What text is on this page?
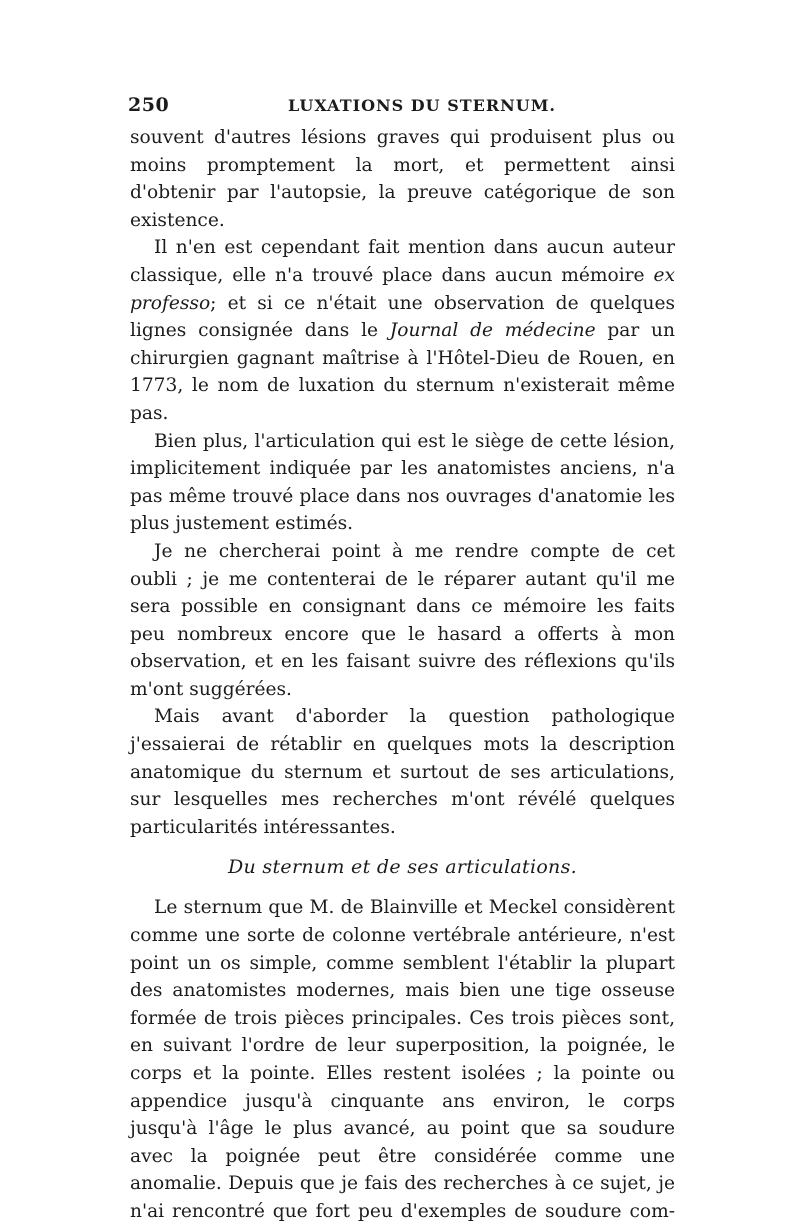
250	LUXATIONS DU STERNUM.

souvent d'autres lésions graves qui produisent plus ou moins promptement la mort, et permettent ainsi d'obtenir par l'autopsie, la preuve catégorique de son existence.

Il n'en est cependant fait mention dans aucun auteur classique, elle n'a trouvé place dans aucun mémoire ex professo; et si ce n'était une observation de quelques lignes consignée dans le Journal de médecine par un chirurgien gagnant maîtrise à l'Hôtel-Dieu de Rouen, en 1773, le nom de luxation du sternum n'existerait même pas.

Bien plus, l'articulation qui est le siège de cette lésion, implicitement indiquée par les anatomistes anciens, n'a pas même trouvé place dans nos ouvrages d'anatomie les plus justement estimés.

Je ne chercherai point à me rendre compte de cet oubli ; je me contenterai de le réparer autant qu'il me sera possible en consignant dans ce mémoire les faits peu nombreux encore que le hasard a offerts à mon observation, et en les faisant suivre des réflexions qu'ils m'ont suggérées.

Mais avant d'aborder la question pathologique j'essaierai de rétablir en quelques mots la description anatomique du sternum et surtout de ses articulations, sur lesquelles mes recherches m'ont révélé quelques particularités intéressantes.

Du sternum et de ses articulations.

Le sternum que M. de Blainville et Meckel considèrent comme une sorte de colonne vertébrale antérieure, n'est point un os simple, comme semblent l'établir la plupart des anatomistes modernes, mais bien une tige osseuse formée de trois pièces principales. Ces trois pièces sont, en suivant l'ordre de leur superposition, la poignée, le corps et la pointe. Elles restent isolées ; la pointe ou appendice jusqu'à cinquante ans environ, le corps jusqu'à l'âge le plus avancé, au point que sa soudure avec la poignée peut être considérée comme une anomalie. Depuis que je fais des recherches à ce sujet, je n'ai rencontré que fort peu d'exemples de soudure com-
